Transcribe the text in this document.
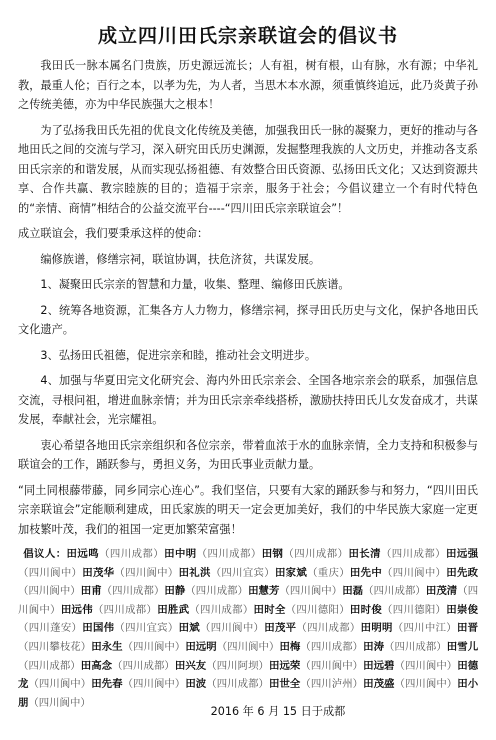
成立四川田氏宗亲联谊会的倡议书

我田氏一脉本属名门贵族，历史源远流长；人有祖，树有根，山有脉，水有源；中华礼教，最重人伦；百行之本，以孝为先，为人者，当思木本水源，须重慎终追远，此乃炎黄子孙之传统美德，亦为中华民族强大之根本！

为了弘扬我田氏先祖的优良文化传统及美德，加强我田氏一脉的凝聚力，更好的推动与各地田氏之间的交流与学习，深入研究田氏历史渊源，发掘整理我族的人文历史，并推动各支系田氏宗亲的和谐发展，从而实现弘扬祖德、有效整合田氏资源、弘扬田氏文化；又达到资源共享、合作共赢、教宗睦族的目的；造福于宗亲，服务于社会；今倡议建立一个有时代特色的“亲情、商情”相结合的公益交流平台----“四川田氏宗亲联谊会”！

成立联谊会，我们要秉承这样的使命：

编修族谱，修缮宗祠，联谊协调，扶危济贫，共谋发展。

1、凝聚田氏宗亲的智慧和力量，收集、整理、编修田氏族谱。

2、统筹各地资源，汇集各方人力物力，修缮宗祠，探寻田氏历史与文化，保护各地田氏文化遗产。

3、弘扬田氏祖德，促进宗亲和睦，推动社会文明进步。

4、加强与华夏田完文化研究会、海内外田氏宗亲会、全国各地宗亲会的联系，加强信息交流，寻根问祖，增进血脉亲情；并为田氏宗亲牵线搭桥，激励扶持田氏儿女发奋成才，共谋发展，奉献社会，光宗耀祖。

衷心希望各地田氏宗亲组织和各位宗亲，带着血浓于水的血脉亲情，全力支持和积极参与联谊会的工作，踊跃参与，勇担义务，为田氏事业贡献力量。

“同土同根藤带藤，同乡同宗心连心”。我们坚信，只要有大家的踊跃参与和努力，“四川田氏宗亲联谊会”定能顺利建成，田氏家族的明天一定会更加美好，我们的中华民族大家庭一定更加枝繁叶茂，我们的祖国一定更加繁荣富强！

倡议人：田远鸣（四川成都）田中明（四川成都）田钢（四川成都）田长清（四川成都）田远强（四川阆中）田茂华（四川阆中）田礼洪（四川宜宾）田家斌（重庆）田先中（四川阆中）田先政（四川阆中）田甫（四川成都）田静（四川成都）田慧芳（四川阆中）田磊（四川成都）田茂清（四川阆中）田远伟（四川成都）田胜武（四川成都）田时全（四川德阳）田时俊（四川德阳）田崇俊（四川蓬安）田国伟（四川宜宾）田斌（四川阆中）田茂平（四川成都）田明明（四川中江）田晋（四川攀枝花）田永生（四川阆中）田远明（四川阆中）田梅（四川成都）田涛（四川成都）田雪儿（四川成都）田高念（四川成都）田兴友（四川阿坝）田远荣（四川阆中）田远碧（四川阆中）田德龙（四川阆中）田先春（四川阆中）田波（四川成都）田世全（四川泸州）田茂盛（四川阆中）田小朋（四川阆中）

2016 年 6 月 15 日于成都
